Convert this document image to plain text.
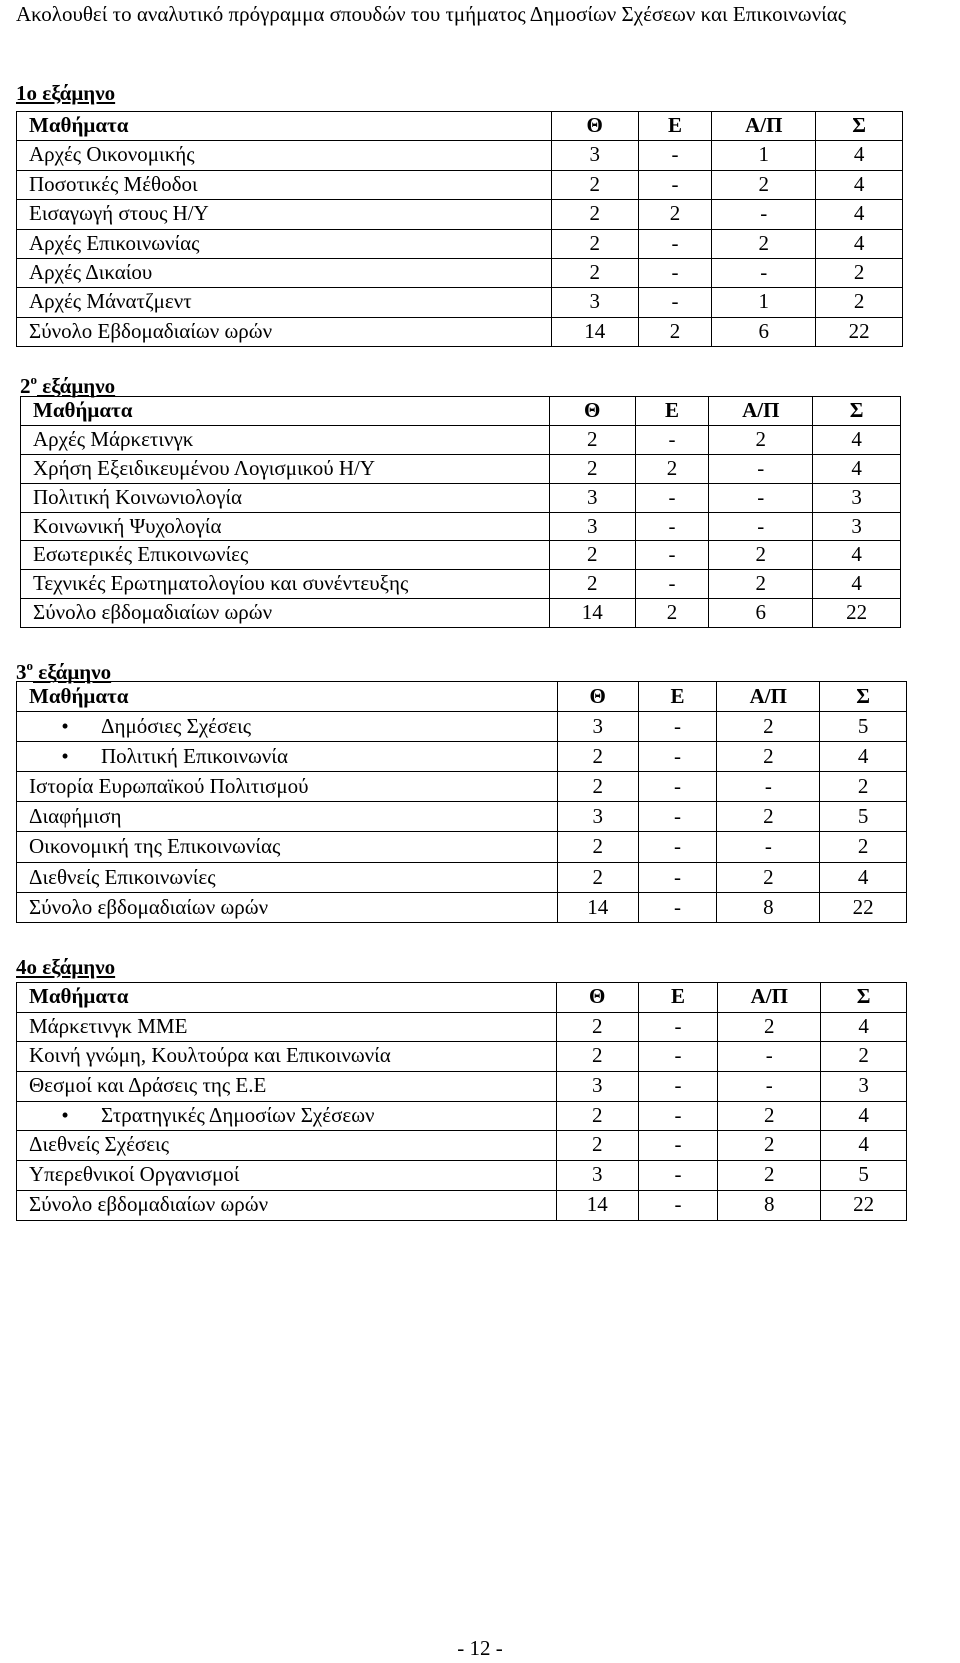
Ακολουθεί το αναλυτικό πρόγραμμα σπουδών του τμήματος Δημοσίων Σχέσεων και Επικοινωνίας
1ο εξάμηνο
Μαθήματα	Θ	Ε	Α/Π	Σ
Αρχές Οικονομικής	3	-	1	4
Ποσοτικές Μέθοδοι	2	-	2	4
Εισαγωγή στους Η/Υ	2	2	-	4
Αρχές Επικοινωνίας	2	-	2	4
Αρχές Δικαίου	2	-	-	2
Αρχές Μάνατζμεντ	3	-	1	2
Σύνολο Εβδομαδιαίων ωρών	14	2	6	22
$2^o$ εξάμηνο
Μαθήματα	Θ	Ε	Α/Π	Σ
Αρχές Μάρκετινγκ	2	-	2	4
Χρήση Εξειδικευμένου Λογισμικού Η/Υ	2	2	-	4
Πολιτική Κοινωνιολογία	3	-	-	3
Κοινωνική Ψυχολογία	3	-	-	3
Εσωτερικές Επικοινωνίες	2	-	2	4
Τεχνικές Ερωτηματολογίου και συνέντευξης	2	-	2	4
Σύνολο εβδομαδιαίων ωρών	14	2	6	22
$3^o$ εξάμηνο
Μαθήματα	Θ	Ε	Α/Π	Σ
•Δημόσιες Σχέσεις	3	-	2	5
•Πολιτική Επικοινωνία	2	-	2	4
Ιστορία Ευρωπαϊκού Πολιτισμού	2	-	-	2
Διαφήμιση	3	-	2	5
Οικονομική της Επικοινωνίας	2	-	-	2
Διεθνείς Επικοινωνίες	2	-	2	4
Σύνολο εβδομαδιαίων ωρών	14	-	8	22
4ο εξάμηνο
Μαθήματα	Θ	Ε	Α/Π	Σ
Μάρκετινγκ ΜΜΕ	2	-	2	4
Κοινή γνώμη, Κουλτούρα και Επικοινωνία	2	-	-	2
Θεσμοί και Δράσεις της Ε.Ε	3	-	-	3
•Στρατηγικές Δημοσίων Σχέσεων	2	-	2	4
Διεθνείς Σχέσεις	2	-	2	4
Υπερεθνικοί Οργανισμοί	3	-	2	5
Σύνολο εβδομαδιαίων ωρών	14	-	8	22
- 12 -
